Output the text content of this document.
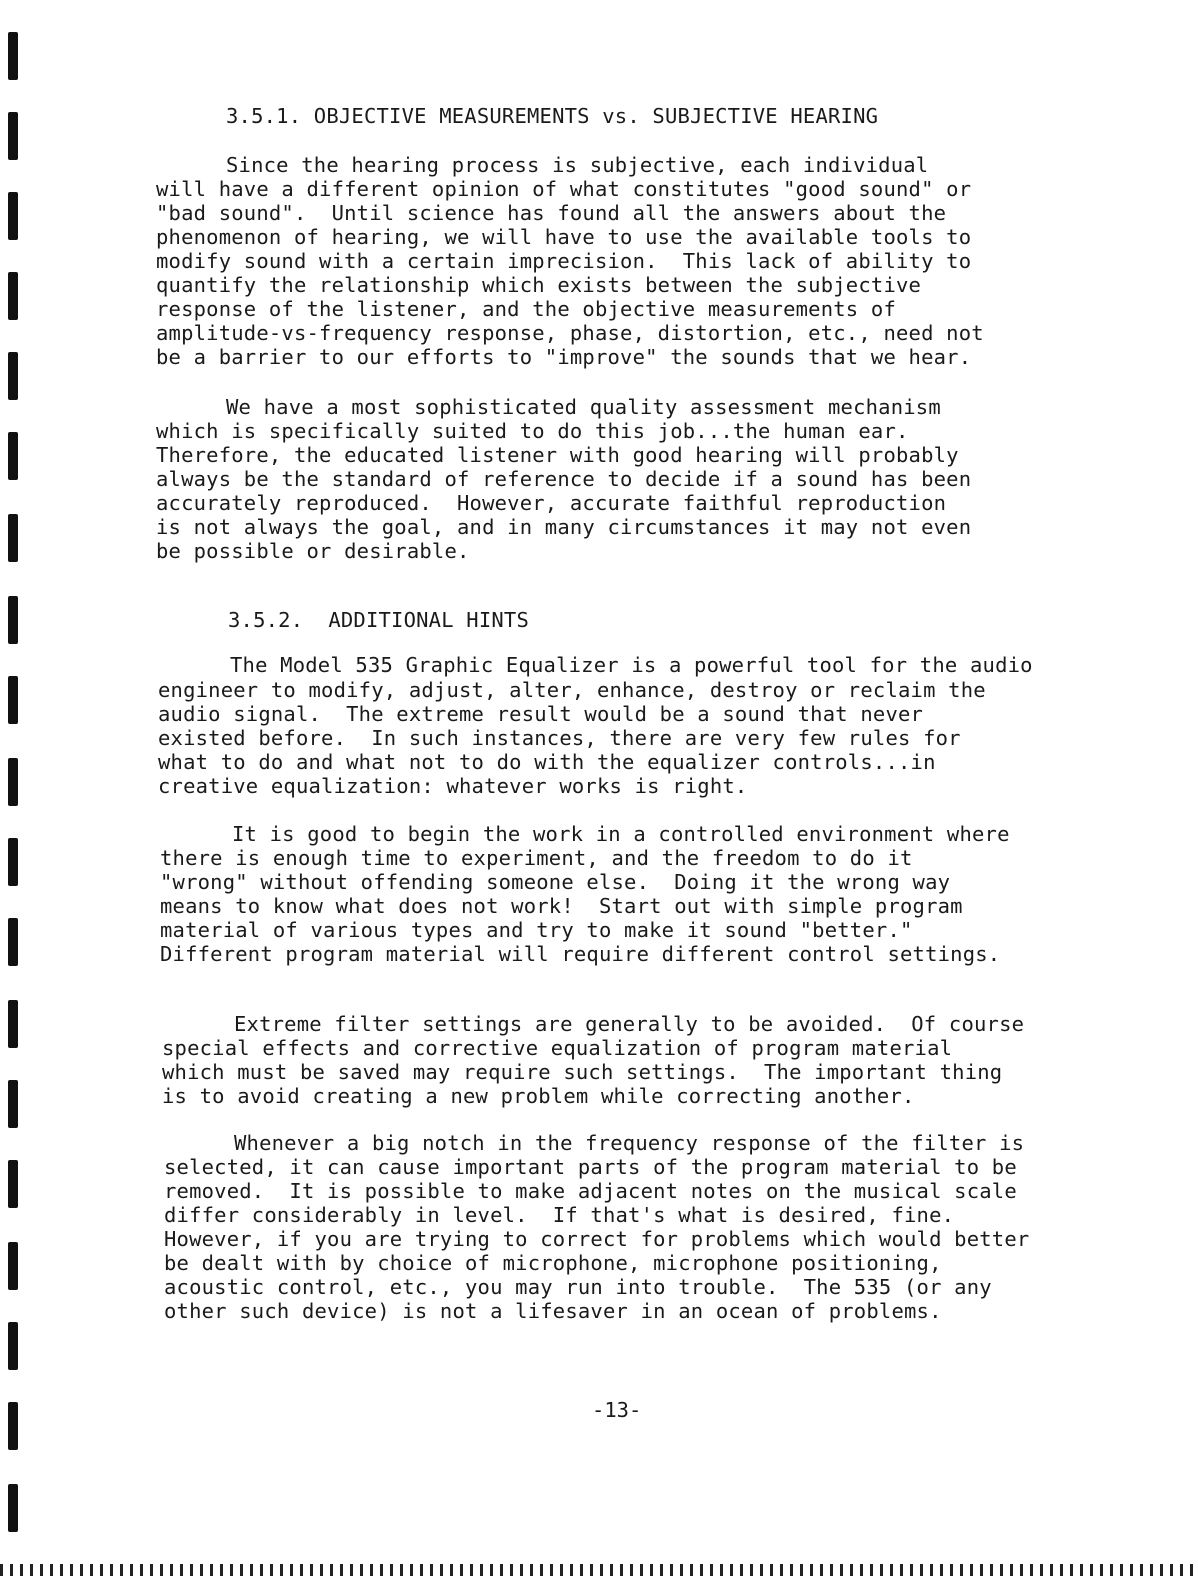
3.5.1. OBJECTIVE MEASUREMENTS vs. SUBJECTIVE HEARING

Since the hearing process is subjective, each individual

will have a different opinion of what constitutes "good sound" or

"bad sound".  Until science has found all the answers about the

phenomenon of hearing, we will have to use the available tools to

modify sound with a certain imprecision.  This lack of ability to

quantify the relationship which exists between the subjective

response of the listener, and the objective measurements of

amplitude-vs-frequency response, phase, distortion, etc., need not

be a barrier to our efforts to "improve" the sounds that we hear.

We have a most sophisticated quality assessment mechanism

which is specifically suited to do this job...the human ear.

Therefore, the educated listener with good hearing will probably

always be the standard of reference to decide if a sound has been

accurately reproduced.  However, accurate faithful reproduction

is not always the goal, and in many circumstances it may not even

be possible or desirable.

3.5.2.  ADDITIONAL HINTS

The Model 535 Graphic Equalizer is a powerful tool for the audio

engineer to modify, adjust, alter, enhance, destroy or reclaim the

audio signal.  The extreme result would be a sound that never

existed before.  In such instances, there are very few rules for

what to do and what not to do with the equalizer controls...in

creative equalization: whatever works is right.

It is good to begin the work in a controlled environment where

there is enough time to experiment, and the freedom to do it

"wrong" without offending someone else.  Doing it the wrong way

means to know what does not work!  Start out with simple program

material of various types and try to make it sound "better."

Different program material will require different control settings.

Extreme filter settings are generally to be avoided.  Of course

special effects and corrective equalization of program material

which must be saved may require such settings.  The important thing

is to avoid creating a new problem while correcting another.

Whenever a big notch in the frequency response of the filter is

selected, it can cause important parts of the program material to be

removed.  It is possible to make adjacent notes on the musical scale

differ considerably in level.  If that's what is desired, fine.

However, if you are trying to correct for problems which would better

be dealt with by choice of microphone, microphone positioning,

acoustic control, etc., you may run into trouble.  The 535 (or any

other such device) is not a lifesaver in an ocean of problems.

-13-
